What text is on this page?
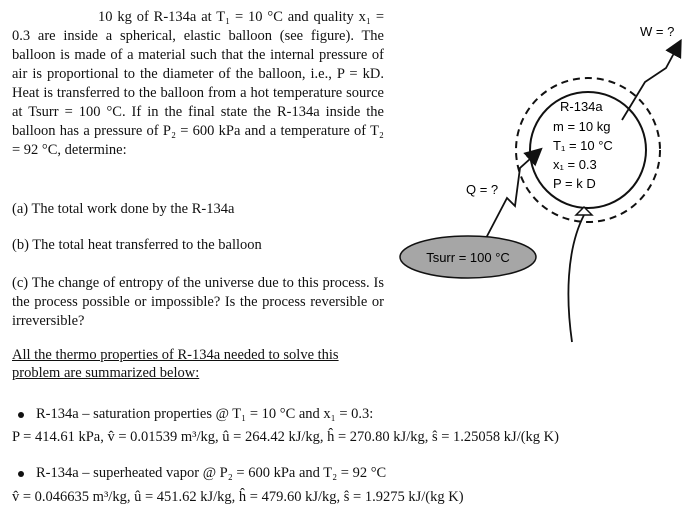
10 kg of R-134a at T₁ = 10 °C and quality x₁ = 0.3 are inside a spherical, elastic balloon (see figure). The balloon is made of a material such that the internal pressure of air is proportional to the diameter of the balloon, i.e., P = kD. Heat is transferred to the balloon from a hot temperature source at Tsurr = 100 °C. If in the final state the R-134a inside the balloon has a pressure of P₂ = 600 kPa and a temperature of T₂ = 92 °C, determine:

(a) The total work done by the R-134a
(b) The total heat transferred to the balloon
(c) The change of entropy of the universe due to this process. Is the process possible or impossible? Is the process reversible or irreversible?
All the thermo properties of R-134a needed to solve this problem are summarized below:
R-134a – saturation properties @ T₁ = 10 °C and x₁ = 0.3:
P = 414.61 kPa, v̂ = 0.01539 m³/kg, û = 264.42 kJ/kg, ĥ = 270.80 kJ/kg, ŝ = 1.25058 kJ/(kg K)
R-134a – superheated vapor @ P₂ = 600 kPa and T₂ = 92 °C
v̂ = 0.046635 m³/kg, û = 451.62 kJ/kg, ĥ = 479.60 kJ/kg, ŝ = 1.9275 kJ/(kg K)
W = ?
Q = ?
Tsurr = 100 °C
R-134a
m = 10 kg
T₁ = 10 °C
x₁ = 0.3
P = k D
